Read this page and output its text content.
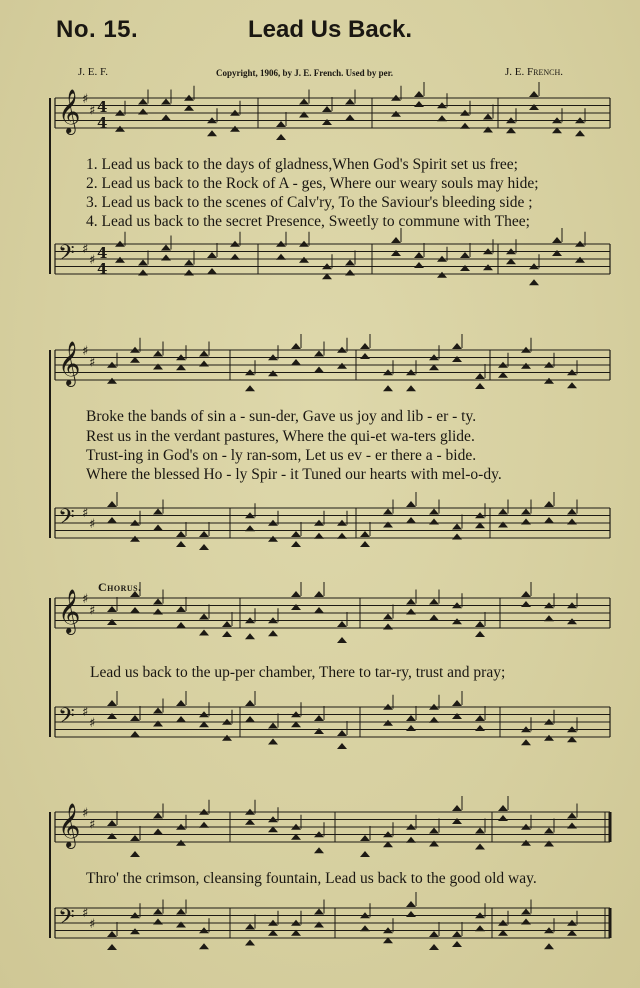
No. 15.	Lead Us Back.
J. E. F.	Copyright, 1906, by J. E. French. Used by per.	J. E. French.
𝄞 ♯
♯ 4
4
𝄢 ♯
♯ 4
4
𝄞 ♯
♯
𝄢 ♯
♯
𝄞 ♯
♯
𝄢 ♯
♯
𝄞 ♯
♯
𝄢 ♯
♯
1. Lead us back to the days of gladness,When God's Spirit set us free;
2. Lead us back to the Rock of A - ges, Where our weary souls may hide;
3. Lead us back to the scenes of Calv'ry, To the Saviour's bleeding side ;
4. Lead us back to the secret Presence, Sweetly to commune with Thee;
Broke the bands of sin a - sun-der, Gave us joy and lib - er - ty.
Rest us in the verdant pastures, Where the qui-et wa-ters glide.
Trust-ing in God's on - ly ran-som, Let us ev - er there a - bide.
Where the blessed Ho - ly Spir - it Tuned our hearts with mel-o-dy.
Chorus.
Lead us back to the up-per chamber, There to tar-ry, trust and pray;
Thro' the crimson, cleansing fountain, Lead us back to the good old way.
